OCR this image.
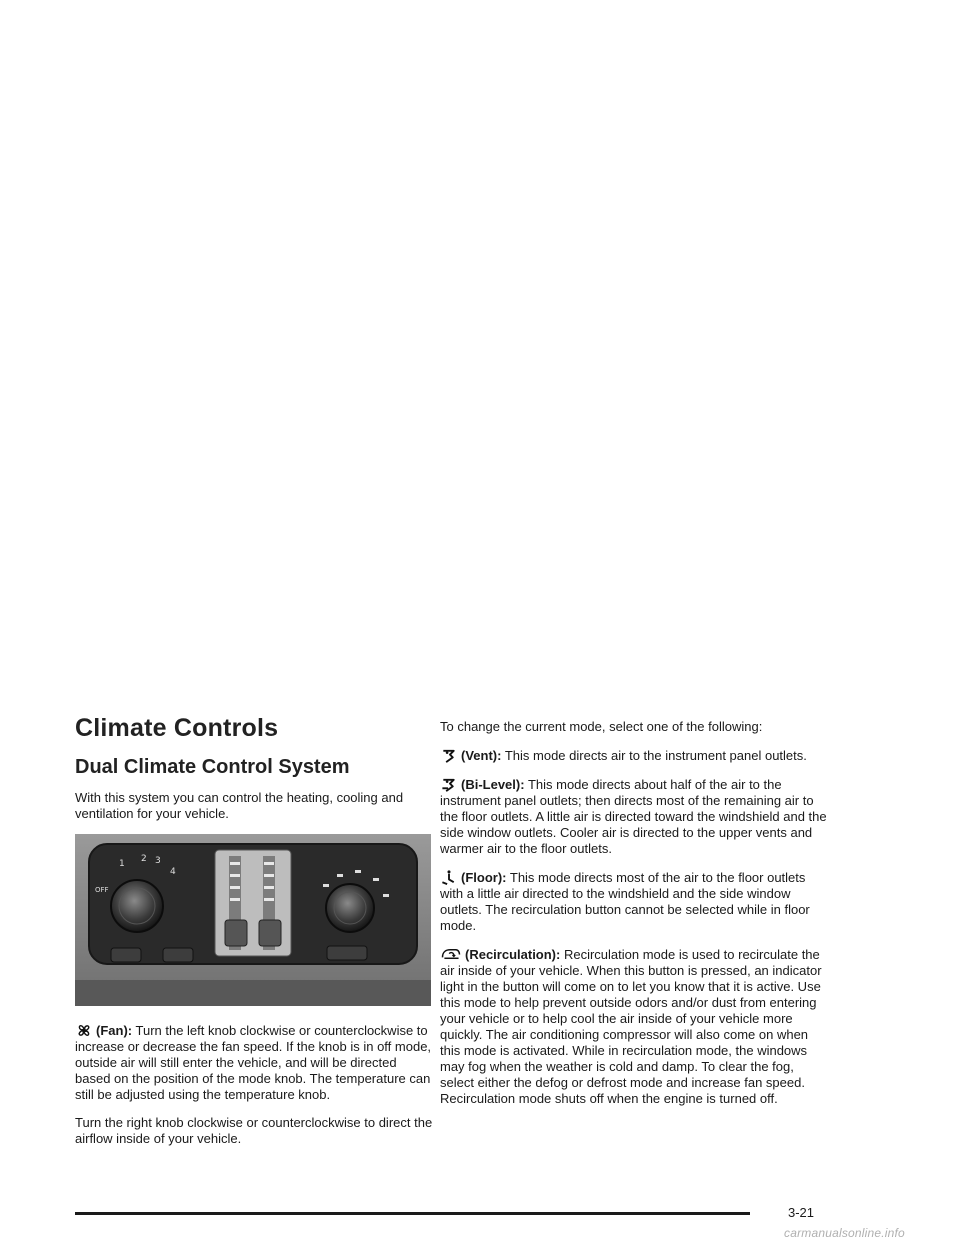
Climate Controls
Dual Climate Control System

With this system you can control the heating, cooling and ventilation for your vehicle.

1 2 3
4
OFF

(Fan): Turn the left knob clockwise or counterclockwise to increase or decrease the fan speed. If the knob is in off mode, outside air will still enter the vehicle, and will be directed based on the position of the mode knob. The temperature can still be adjusted using the temperature knob.

Turn the right knob clockwise or counterclockwise to direct the airflow inside of your vehicle.

To change the current mode, select one of the following:

(Vent): This mode directs air to the instrument panel outlets.

(Bi-Level): This mode directs about half of the air to the instrument panel outlets; then directs most of the remaining air to the floor outlets. A little air is directed toward the windshield and the side window outlets. Cooler air is directed to the upper vents and warmer air to the floor outlets.

(Floor): This mode directs most of the air to the floor outlets with a little air directed to the windshield and the side window outlets. The recirculation button cannot be selected while in floor mode.

(Recirculation): Recirculation mode is used to recirculate the air inside of your vehicle. When this button is pressed, an indicator light in the button will come on to let you know that it is active. Use this mode to help prevent outside odors and/or dust from entering your vehicle or to help cool the air inside of your vehicle more quickly. The air conditioning compressor will also come on when this mode is activated. While in recirculation mode, the windows may fog when the weather is cold and damp. To clear the fog, select either the defog or defrost mode and increase fan speed. Recirculation mode shuts off when the engine is turned off.

3-21
carmanualsonline.info
